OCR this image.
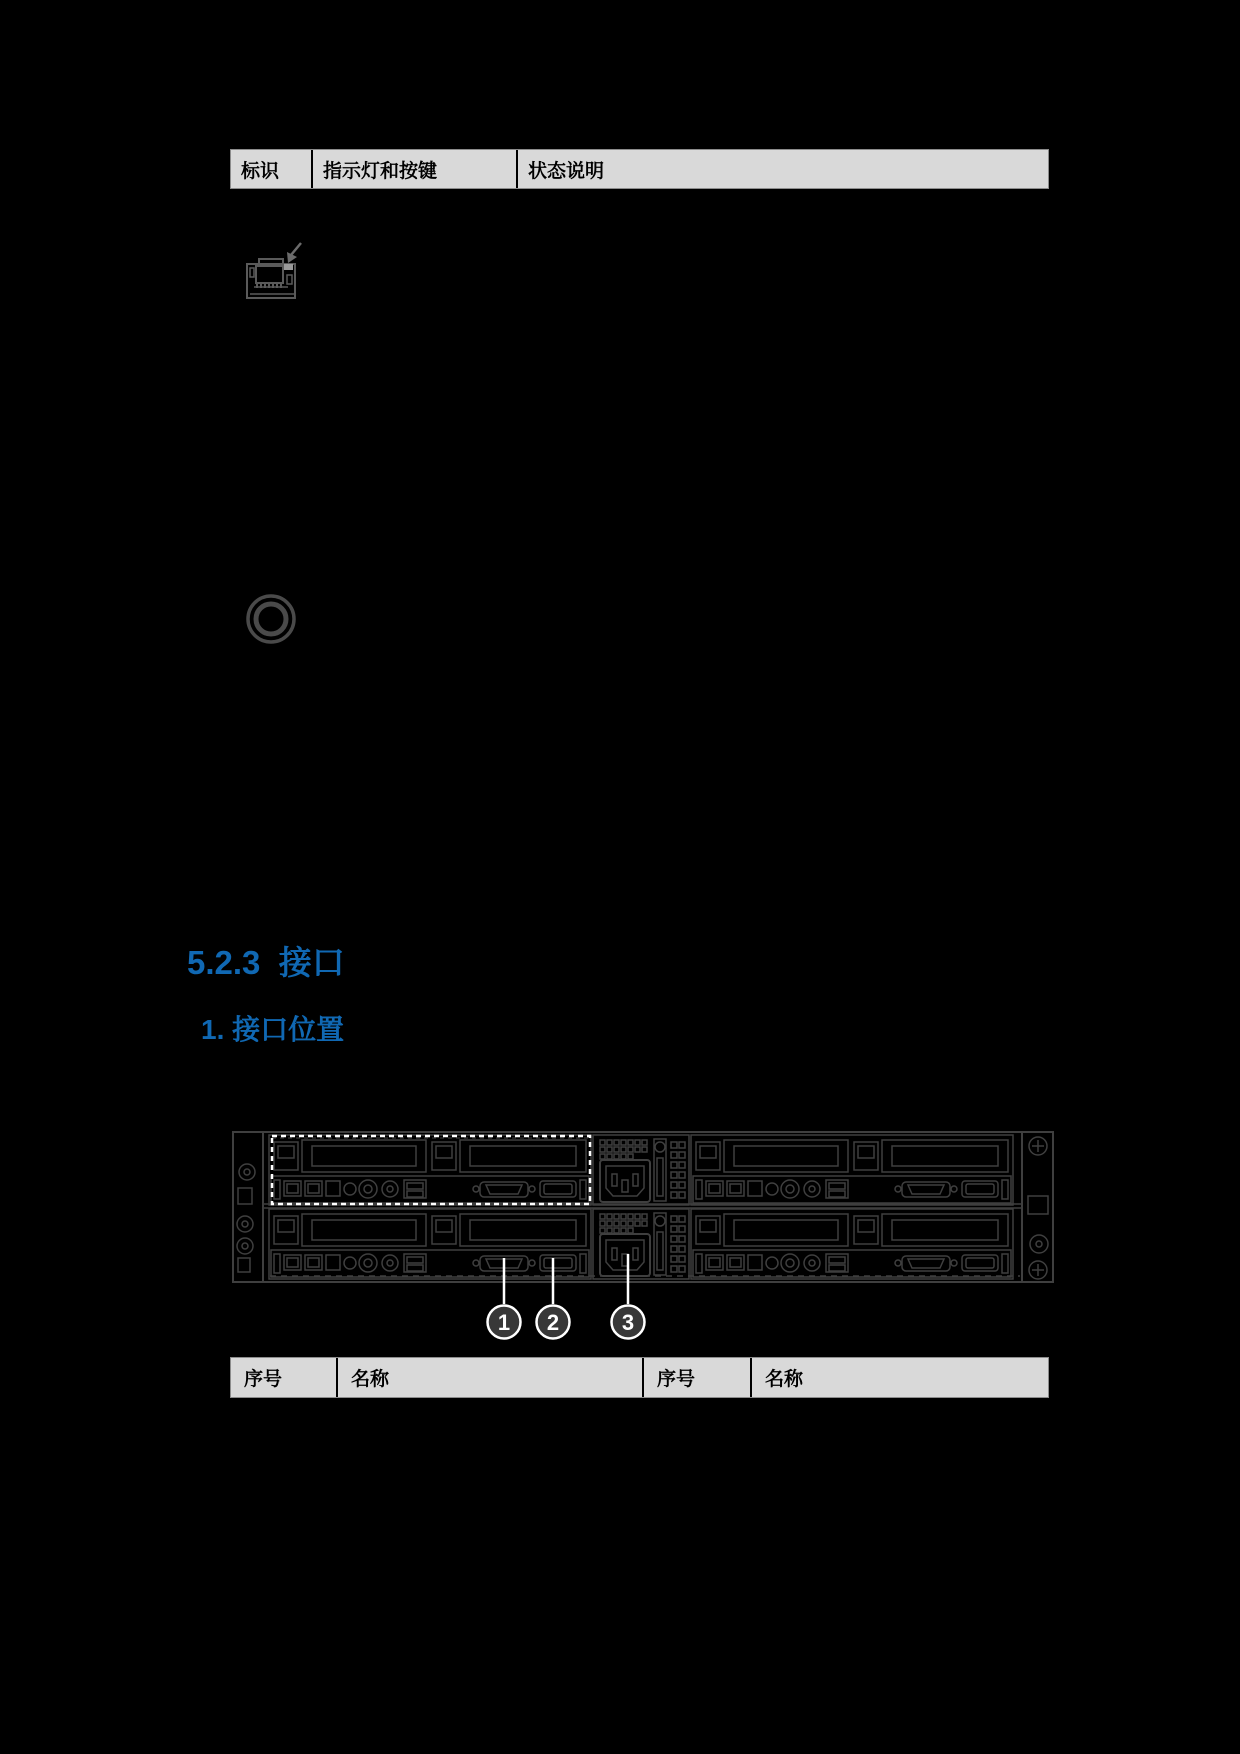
标识	指示灯和按键	状态说明
5.2.3  接口
1. 接口位置
1 2	3
序号	名称	序号	名称
